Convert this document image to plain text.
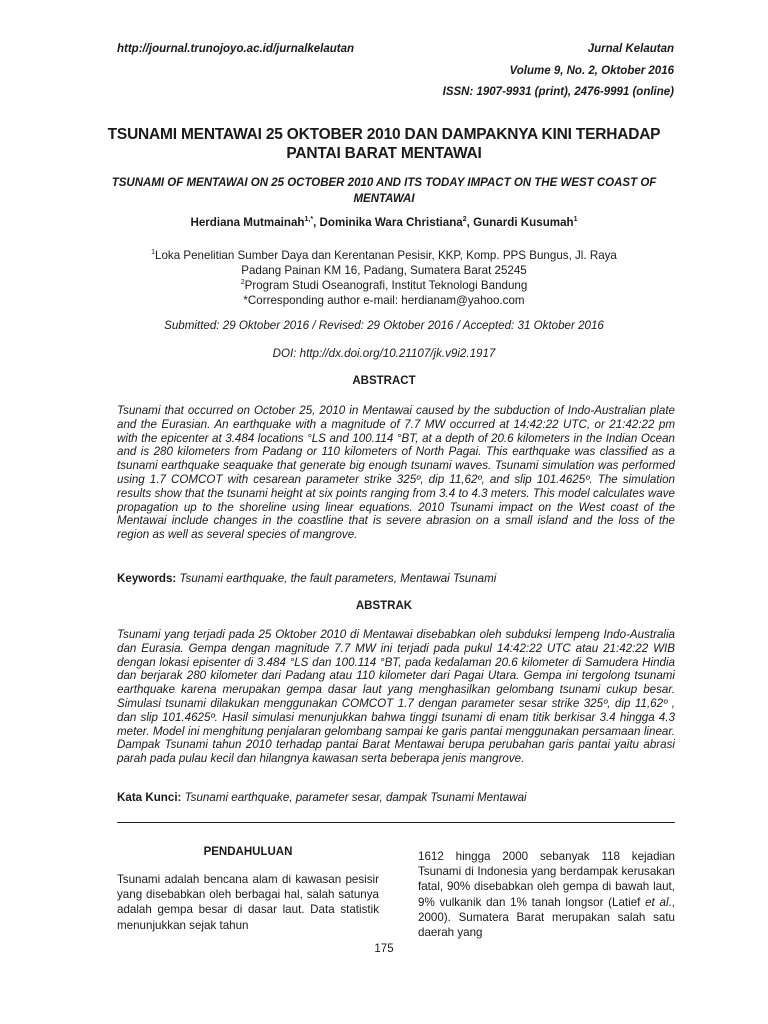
http://journal.trunojoyo.ac.id/jurnalkelautan	Jurnal Kelautan
Volume 9, No. 2, Oktober 2016
ISSN: 1907-9931 (print), 2476-9991 (online)
TSUNAMI MENTAWAI 25 OKTOBER 2010 DAN DAMPAKNYA KINI TERHADAP
PANTAI BARAT MENTAWAI
TSUNAMI OF MENTAWAI ON 25 OCTOBER 2010 AND ITS TODAY IMPACT ON THE WEST COAST OF
MENTAWAI
Herdiana Mutmainah$^{1,*}$, Dominika Wara Christiana$^2$, Gunardi Kusumah$^1$
$^1$Loka Penelitian Sumber Daya dan Kerentanan Pesisir, KKP, Komp. PPS Bungus, Jl. Raya
Padang Painan KM 16, Padang, Sumatera Barat 25245
$^2$Program Studi Oseanografi, Institut Teknologi Bandung
*Corresponding author e-mail: herdianam@yahoo.com
Submitted: 29 Oktober 2016 / Revised: 29 Oktober 2016 / Accepted: 31 Oktober 2016
DOI: http://dx.doi.org/10.21107/jk.v9i2.1917
ABSTRACT
Tsunami that occurred on October 25, 2010 in Mentawai caused by the subduction of Indo-Australian plate and the Eurasian. An earthquake with a magnitude of 7.7 MW occurred at 14:42:22 UTC, or 21:42:22 pm with the epicenter at 3.484 locations °LS and 100.114 °BT, at a depth of 20.6 kilometers in the Indian Ocean and is 280 kilometers from Padang or 110 kilometers of North Pagai. This earthquake was classified as a tsunami earthquake seaquake that generate big enough tsunami waves. Tsunami simulation was performed using 1.7 COMCOT with cesarean parameter strike 325º, dip 11,62º, and slip 101.4625º. The simulation results show that the tsunami height at six points ranging from 3.4 to 4.3 meters. This model calculates wave propagation up to the shoreline using linear equations. 2010 Tsunami impact on the West coast of the Mentawai include changes in the coastline that is severe abrasion on a small island and the loss of the region as well as several species of mangrove.
Keywords: Tsunami earthquake, the fault parameters, Mentawai Tsunami
ABSTRAK
Tsunami yang terjadi pada 25 Oktober 2010 di Mentawai disebabkan oleh subduksi lempeng Indo-Australia dan Eurasia. Gempa dengan magnitude 7.7 MW ini terjadi pada pukul 14:42:22 UTC atau 21:42:22 WIB dengan lokasi episenter di 3.484 °LS dan 100.114 °BT, pada kedalaman 20.6 kilometer di Samudera Hindia dan berjarak 280 kilometer dari Padang atau 110 kilometer dari Pagai Utara. Gempa ini tergolong tsunami earthquake karena merupakan gempa dasar laut yang menghasilkan gelombang tsunami cukup besar. Simulasi tsunami dilakukan menggunakan COMCOT 1.7 dengan parameter sesar strike 325º, dip 11,62º , dan slip 101.4625º. Hasil simulasi menunjukkan bahwa tinggi tsunami di enam titik berkisar 3.4 hingga 4.3 meter. Model ini menghitung penjalaran gelombang sampai ke garis pantai menggunakan persamaan linear. Dampak Tsunami tahun 2010 terhadap pantai Barat Mentawai berupa perubahan garis pantai yaitu abrasi parah pada pulau kecil dan hilangnya kawasan serta beberapa jenis mangrove.
Kata Kunci: Tsunami earthquake, parameter sesar, dampak Tsunami Mentawai
PENDAHULUAN
Tsunami adalah bencana alam di kawasan pesisir yang disebabkan oleh berbagai hal, salah satunya adalah gempa besar di dasar laut. Data statistik menunjukkan sejak tahun
1612 hingga 2000 sebanyak 118 kejadian Tsunami di Indonesia yang berdampak kerusakan fatal, 90% disebabkan oleh gempa di bawah laut, 9% vulkanik dan 1% tanah longsor (Latief et al., 2000). Sumatera Barat merupakan salah satu daerah yang
175
